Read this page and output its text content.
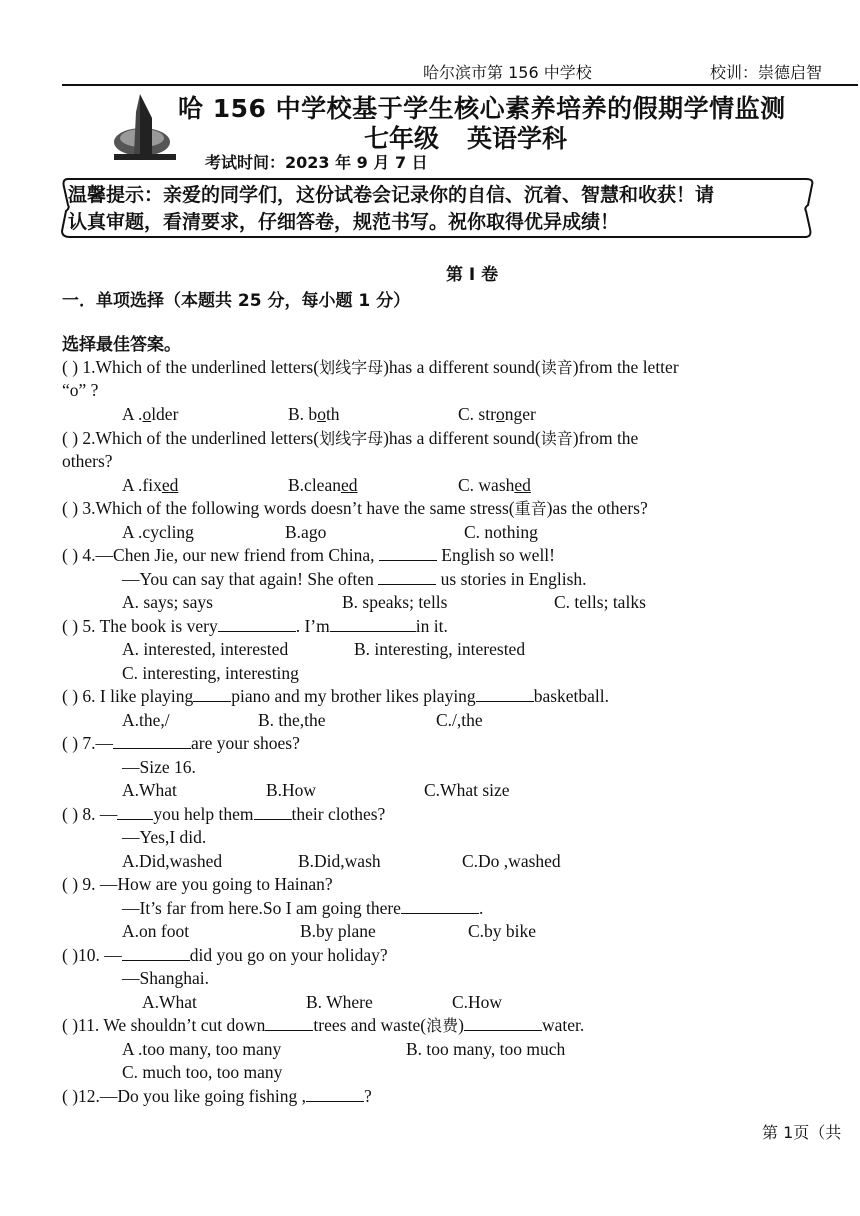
哈尔滨市第 156 中学校	校训：崇德启智
哈 156 中学校基于学生核心素养培养的假期学情监测
七年级 英语学科
考试时间：2023 年 9 月 7 日
温馨提示：亲爱的同学们，这份试卷会记录你的自信、沉着、智慧和收获！请
认真审题，看清要求，仔细答卷，规范书写。祝你取得优异成绩！
第 I 卷
一．单项选择（本题共 25 分，每小题 1 分）
选择最佳答案。
( ) 1.Which of the underlined letters(划线字母)has a different sound(读音)from the letter
“o” ?
A .older	B. both	C. stronger
( ) 2.Which of the underlined letters(划线字母)has a different sound(读音)from the
others?
A .fixed	B.cleaned	C. washed
( ) 3.Which of the following words doesn’t have the same stress(重音)as the others?
A .cycling	B.ago	C. nothing
( ) 4.—Chen Jie, our new friend from China,	English so well!
—You can say that again! She often	us stories in English.
A. says; says	B. speaks; tells	C. tells; talks
( ) 5. The book is very	. I’m	in it.
A. interested, interested	B. interesting, interested
C. interesting, interesting
( ) 6. I like playing piano and my brother likes playing	basketball.
A.the,/	B. the,the	C./,the
( ) 7.—	are your shoes?
—Size 16.
A.What	B.How	C.What size
( ) 8. — you help them their clothes?
—Yes,I did.
A.Did,washed	B.Did,wash	C.Do ,washed
( ) 9. —How are you going to Hainan?
—It’s far from here.So I am going there	.
A.on foot	B.by plane	C.by bike
( )10. —	did you go on your holiday?
—Shanghai.
A.What	B. Where	C.How
( )11. We shouldn’t cut down	trees and waste(浪费)	water.
A .too many, too many	B. too many, too much
C. much too, too many
( )12.—Do you like going fishing ,	?
第 1页（共
